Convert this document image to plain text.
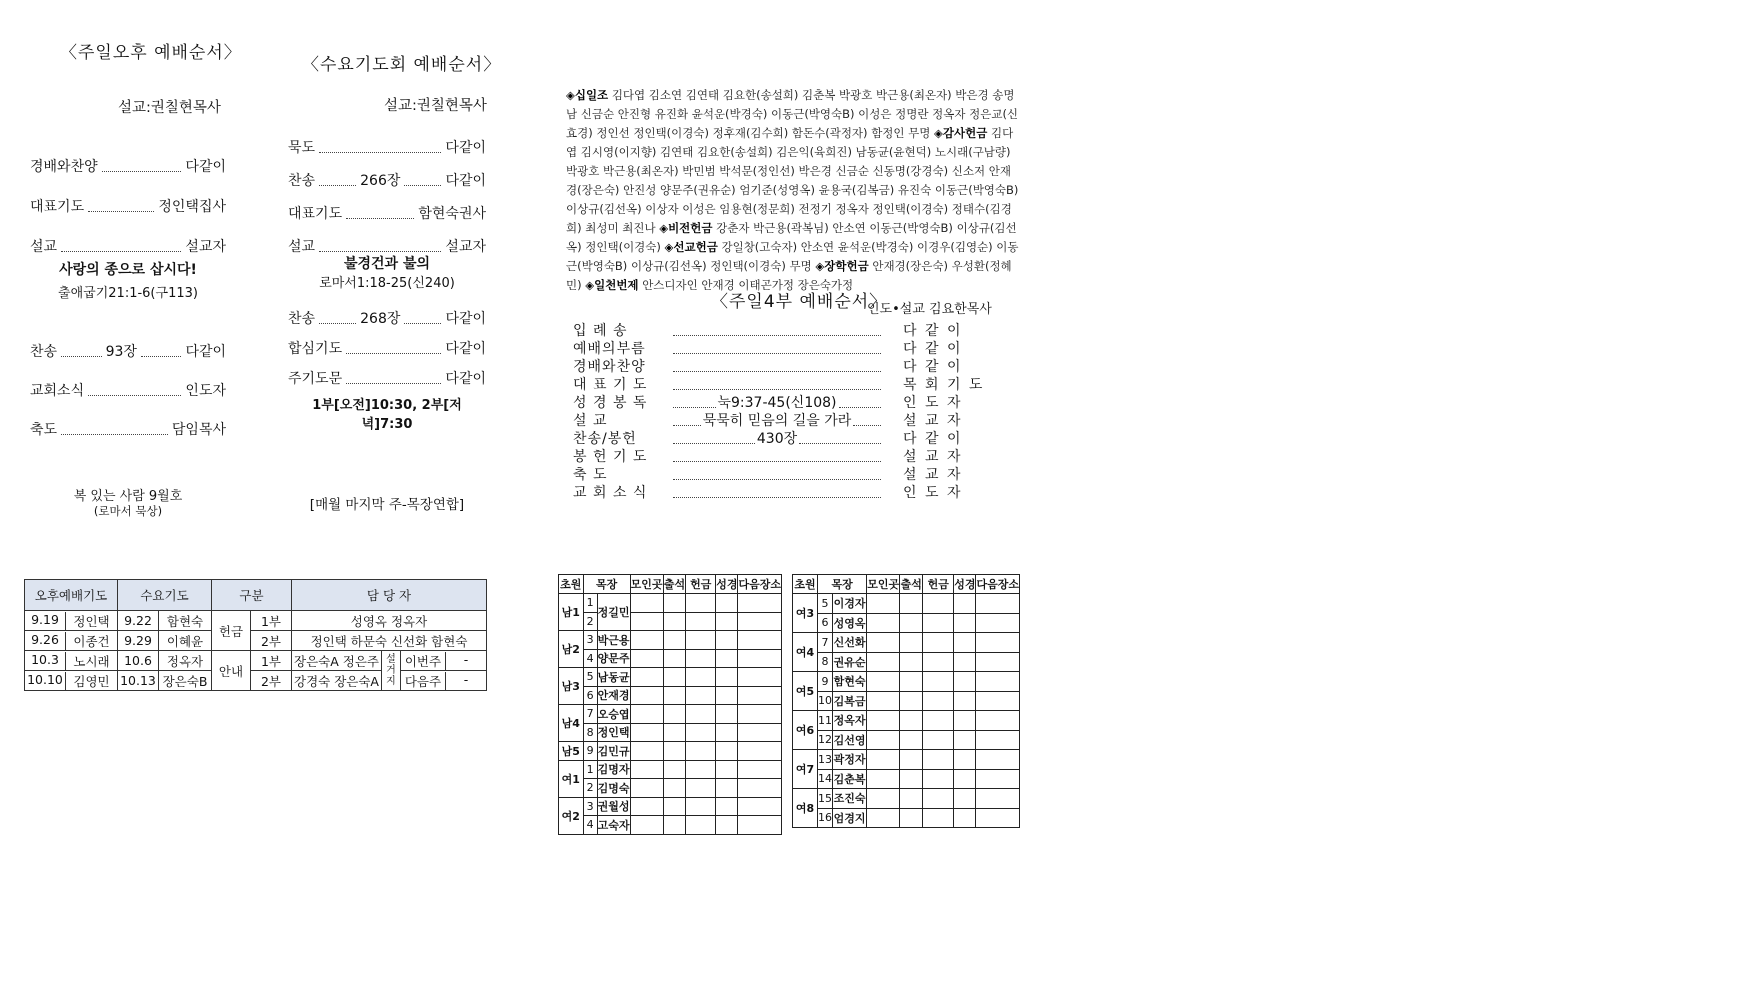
〈주일오후 예배순서〉
설교:권칠현목사
경배와찬양	다같이
대표기도	정인택집사
설교	설교자
사랑의 종으로 삽시다!
출애굽기21:1-6(구113)
찬송	93장	다같이
교회소식	인도자
축도	담임목사
복 있는 사람 9월호
(로마서 묵상)
〈수요기도회 예배순서〉
설교:권칠현목사
묵도	다같이
찬송	266장	다같이
대표기도	함현숙권사
설교	설교자
불경건과 불의
로마서1:18-25(신240)
찬송	268장	다같이
합심기도	다같이
주기도문	다같이
1부[오전]10:30, 2부[저녁]7:30
[매월 마지막 주-목장연합]
◈십일조 김다엽 김소연 김연태 김요한(송설희) 김춘복 박광호 박근용(최온자) 박은경 송명남 신금순 안진형 유진화 윤석운(박경숙) 이동근(박영숙B) 이성은 정명란 정옥자 정은교(신효경) 정인선 정인택(이경숙) 정후재(김수희) 함돈수(곽정자) 함정인 무명 ◈감사헌금 김다엽 김시영(이지향) 김연태 김요한(송설희) 김은익(육희진) 남동균(윤현덕) 노시래(구남량) 박광호 박근용(최온자) 박민범 박석문(정인선) 박은경 신금순 신동명(강경숙) 신소저 안재경(장은숙) 안진성 양문주(권유순) 엄기준(성영옥) 윤용국(김복금) 유진숙 이동근(박영숙B) 이상규(김선옥) 이상자 이성은 임용현(정문희) 전정기 정옥자 정인택(이경숙) 정태수(김경희) 최성미 최진나 ◈비전헌금 강춘자 박근용(곽복님) 안소연 이동근(박영숙B) 이상규(김선옥) 정인택(이경숙) ◈선교헌금 강일창(고숙자) 안소연 윤석운(박경숙) 이경우(김영순) 이동근(박영숙B) 이상규(김선옥) 정인택(이경숙) 무명 ◈장학헌금 안재경(장은숙) 우성환(정혜민) ◈일천번제 안스디자인 안재경 이태곤가정 장은숙가정
〈주일4부 예배순서〉
인도•설교 김요한목사
입 례 송	다 같 이
예배의부름	다 같 이
경배와찬양	다 같 이
대 표 기 도	목 회 기 도
성 경 봉 독	눅9:37-45(신108)	인 도 자
설 교	묵묵히 믿음의 길을 가라	설 교 자
찬송/봉헌	430장	다 같 이
봉 헌 기 도	설 교 자
축 도	설 교 자
교 회 소 식	인 도 자
오후예배기도	수요기도		구분		담 당 자		

9.19 정인택	9.22	함현숙	헌금	1부	성영옥 정옥자		

9.26 이종건	9.29	이혜윤		2부	정인택 하문숙 신선화 함현숙		

10.3 노시래	10.6	정옥자	안내	1부	장은숙A 정은주	설거지	이번주 -

10.10 김영민	10.13	장은숙B		2부	강경숙 장은숙A		다음주 -
초원	목장		모인곳	출석	헌금	성경	다음장소
남1	1	정길민					
	2						
남2	3	박근용					
	4	양문주					
남3	5	남동균					
	6	안재경					
남4	7	오승엽					
	8	정인택					
남5	9	김민규					
여1	1	김명자					
	2	김명숙					
여2	3	권월성					
	4	고숙자					
초원	목장		모인곳	출석	헌금	성경	다음장소
여3	5	이경자					
	6	성영옥					
여4	7	신선화					
	8	권유순					
여5	9	함현숙					
	10	김복금					
여6	11	정옥자					
	12	김선영					
여7	13	곽정자					
	14	김춘복					
여8	15	조진숙					
	16	엄경지					
